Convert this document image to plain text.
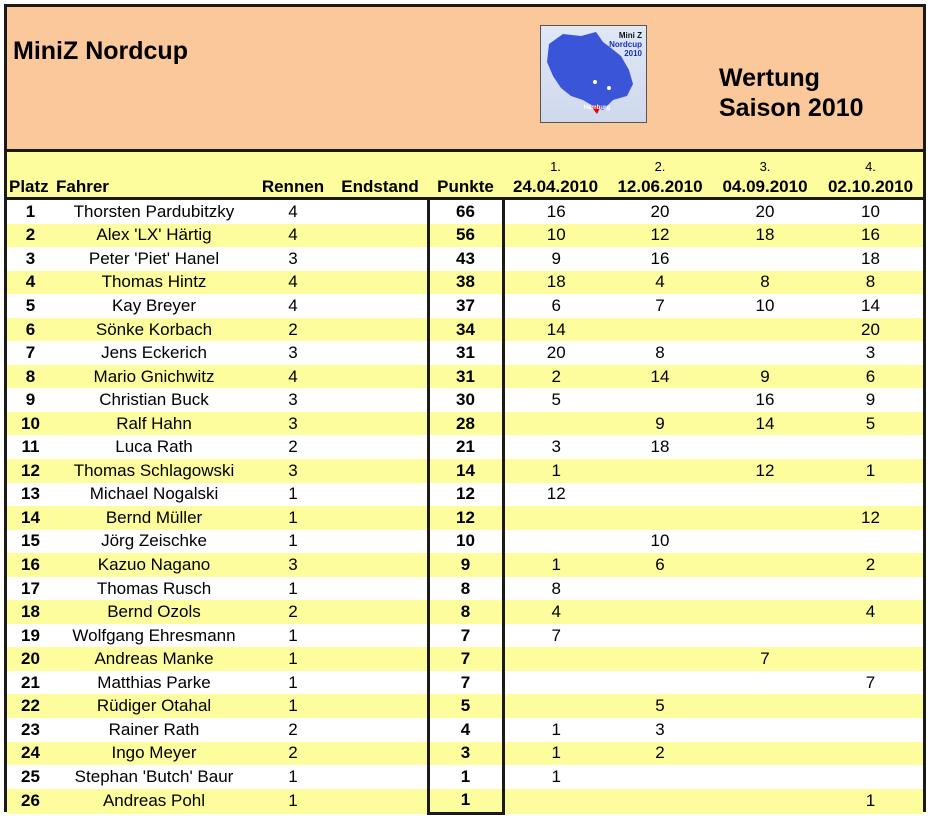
MiniZ Nordcup
Mini Z
Nordcup
2010
Hamburg
Wertung
Saison 2010
					1.	2.	3.	4.
Platz	Fahrer	Rennen	Endstand	Punkte	24.04.2010	12.06.2010	04.09.2010	02.10.2010
1	Thorsten Pardubitzky	4		66	16	20	20	10
2	Alex 'LX' Härtig	4		56	10	12	18	16
3	Peter 'Piet' Hanel	3		43	9	16		18
4	Thomas Hintz	4		38	18	4	8	8
5	Kay Breyer	4		37	6	7	10	14
6	Sönke Korbach	2		34	14			20
7	Jens Eckerich	3		31	20	8		3
8	Mario Gnichwitz	4		31	2	14	9	6
9	Christian Buck	3		30	5		16	9
10	Ralf Hahn	3		28		9	14	5
11	Luca Rath	2		21	3	18		
12	Thomas Schlagowski	3		14	1		12	1
13	Michael Nogalski	1		12	12			
14	Bernd Müller	1		12				12
15	Jörg Zeischke	1		10		10		
16	Kazuo Nagano	3		9	1	6		2
17	Thomas Rusch	1		8	8			
18	Bernd Ozols	2		8	4			4
19	Wolfgang Ehresmann	1		7	7			
20	Andreas Manke	1		7			7	
21	Matthias Parke	1		7				7
22	Rüdiger Otahal	1		5		5		
23	Rainer Rath	2		4	1	3		
24	Ingo Meyer	2		3	1	2		
25	Stephan 'Butch' Baur	1		1	1			
26	Andreas Pohl	1		1				1
